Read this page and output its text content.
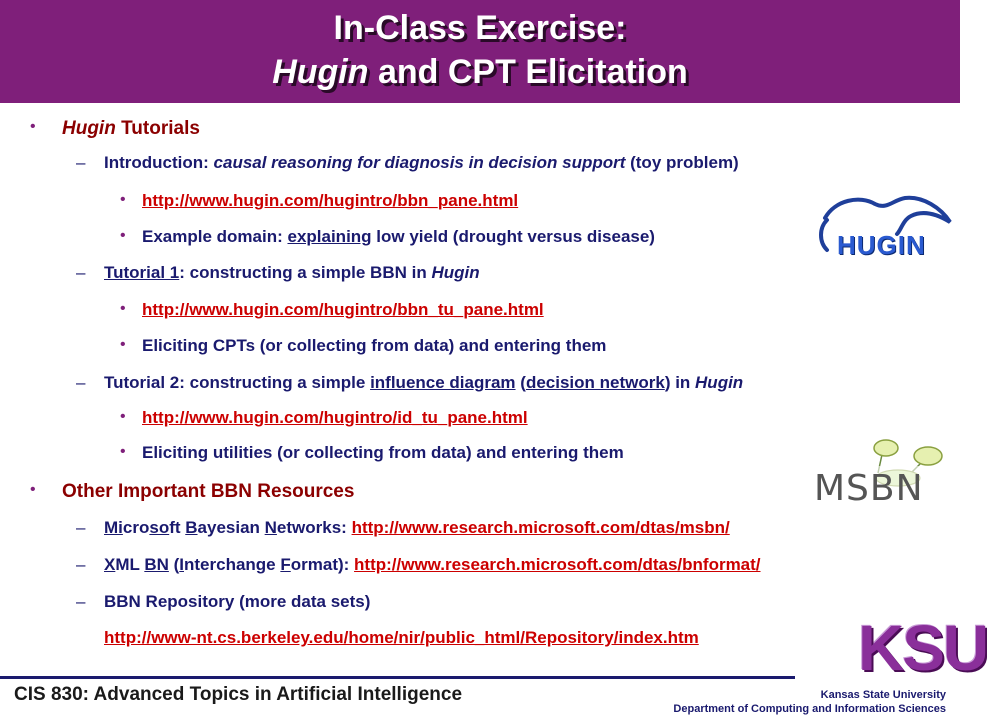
In-Class Exercise:
Hugin and CPT Elicitation
• Hugin Tutorials
– Introduction: causal reasoning for diagnosis in decision support (toy problem)
• http://www.hugin.com/hugintro/bbn_pane.html
• Example domain: explaining low yield (drought versus disease)
– Tutorial 1: constructing a simple BBN in Hugin
• http://www.hugin.com/hugintro/bbn_tu_pane.html
• Eliciting CPTs (or collecting from data) and entering them
– Tutorial 2: constructing a simple influence diagram (decision network) in Hugin
• http://www.hugin.com/hugintro/id_tu_pane.html
• Eliciting utilities (or collecting from data) and entering them
• Other Important BBN Resources
– Microsoft Bayesian Networks: http://www.research.microsoft.com/dtas/msbn/
– XML BN (Interchange Format): http://www.research.microsoft.com/dtas/bnformat/
– BBN Repository (more data sets)
http://www-nt.cs.berkeley.edu/home/nir/public_html/Repository/index.htm
HUGIN
MSBN
KSU
CIS 830: Advanced Topics in Artificial Intelligence	Kansas State University
Department of Computing and Information Sciences
